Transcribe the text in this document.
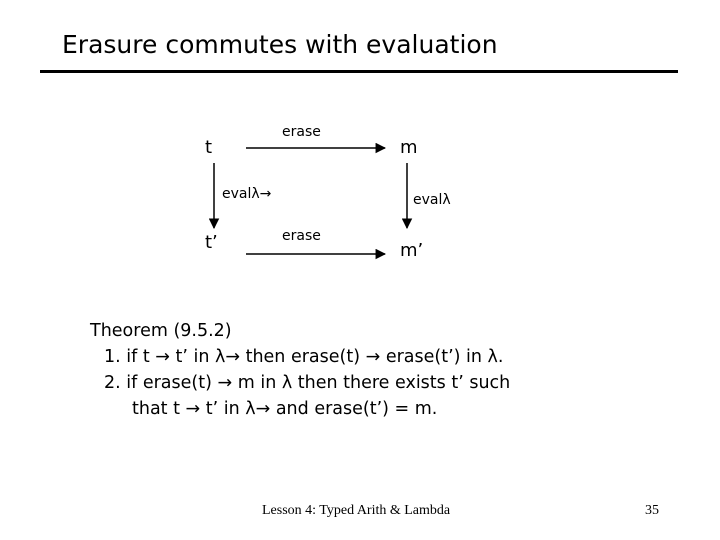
Erasure commutes with evaluation
t	m
t’	m’
erase
erase
evalλ→	evalλ
Theorem (9.5.2)
1. if t → t’ in λ→ then erase(t) → erase(t’) in λ.
2. if erase(t) → m in λ then there exists t’ such
that t → t’ in λ→ and erase(t’) = m.
Lesson 4: Typed Arith & Lambda	35
